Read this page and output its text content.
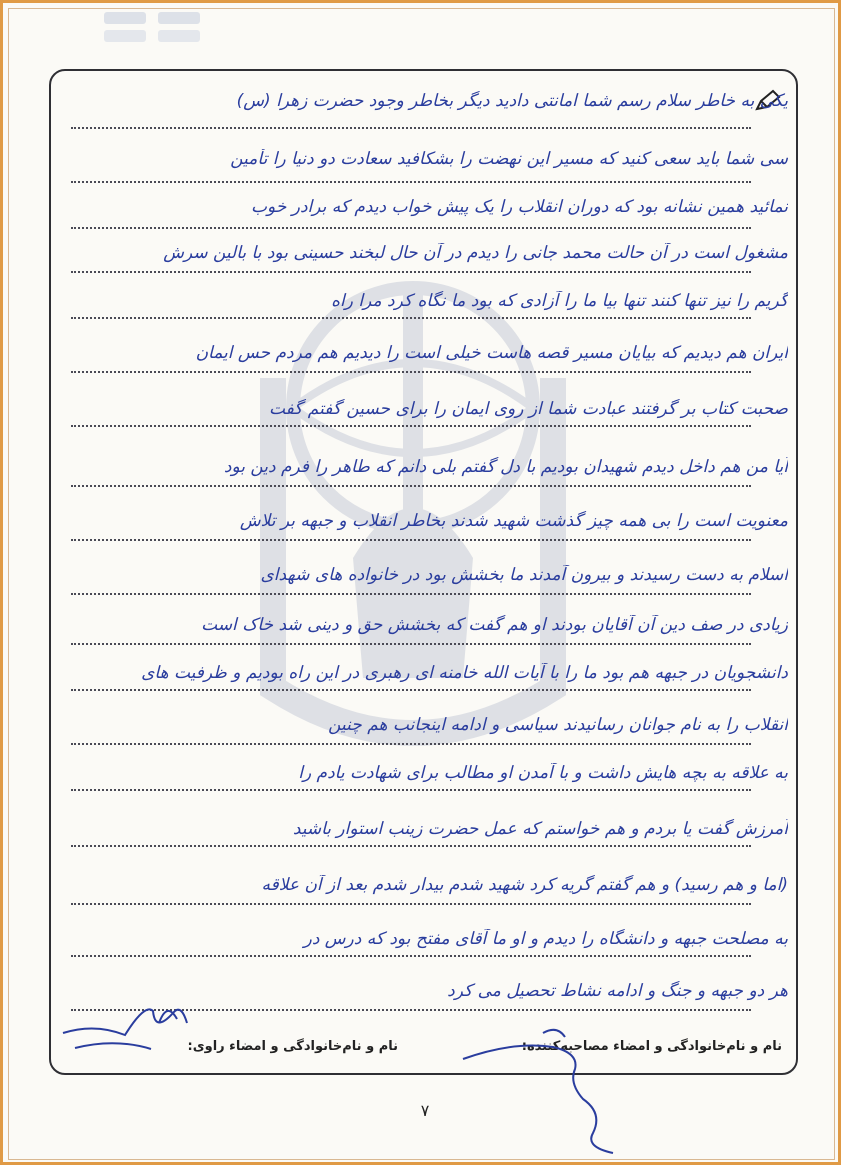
یکی به خاطر سلام رسم شما امانتی دادید دیگر بخاطر وجود حضرت زهرا (س)
سی شما باید سعی کنید که مسیر این نهضت را بشکافید سعادت دو دنیا را تأمین
نمائید همین نشانه بود که دوران انقلاب را یک پیش خواب دیدم که برادر خوب
مشغول است در آن حالت محمد جانی را دیدم در آن حال لبخند حسینی بود با بالین سرش
گریم را نیز تنها کنند تنها بیا ما را آزادی که بود ما نگاه کرد مرا راه
ایران هم دیدیم که بیایان مسیر قصه هاست خیلی است را دیدیم هم مردم حس ایمان
صحبت کتاب بر گرفتند عبادت شما از روی ایمان را برای حسین گفتم گفت
آیا من هم داخل دیدم شهیدان بودیم با دل گفتم بلی دانم که طاهر را فرم دین بود
معنویت است را بی همه چیز گذشت شهید شدند بخاطر انقلاب و جبهه بر تلاش
اسلام به دست رسیدند و بیرون آمدند ما بخشش بود در خانواده های شهدای
زیادی در صف دین آن آقایان بودند او هم گفت که بخشش حق و دینی شد خاک است
دانشجویان در جبهه هم بود ما را با آیات الله خامنه ای رهبری در این راه بودیم و ظرفیت های
انقلاب را به نام جوانان رسانیدند سیاسی و ادامه اینجانب هم چنین
به علاقه به بچه هایش داشت و با آمدن او مطالب برای شهادت یادم را
آمرزش گفت یا بردم و هم خواستم که عمل حضرت زینب استوار باشید
(اما و هم رسید) و هم گفتم گریه کرد شهید شدم بیدار شدم بعد از آن علاقه
به مصلحت جبهه و دانشگاه را دیدم و او ما آقای مفتح بود که درس در
هر دو جبهه و جنگ و ادامه نشاط تحصیل می کرد
نام و نام‌خانوادگی و امضاء مصاحبه‌کننده:
نام و نام‌خانوادگی و امضاء راوی:
۷
